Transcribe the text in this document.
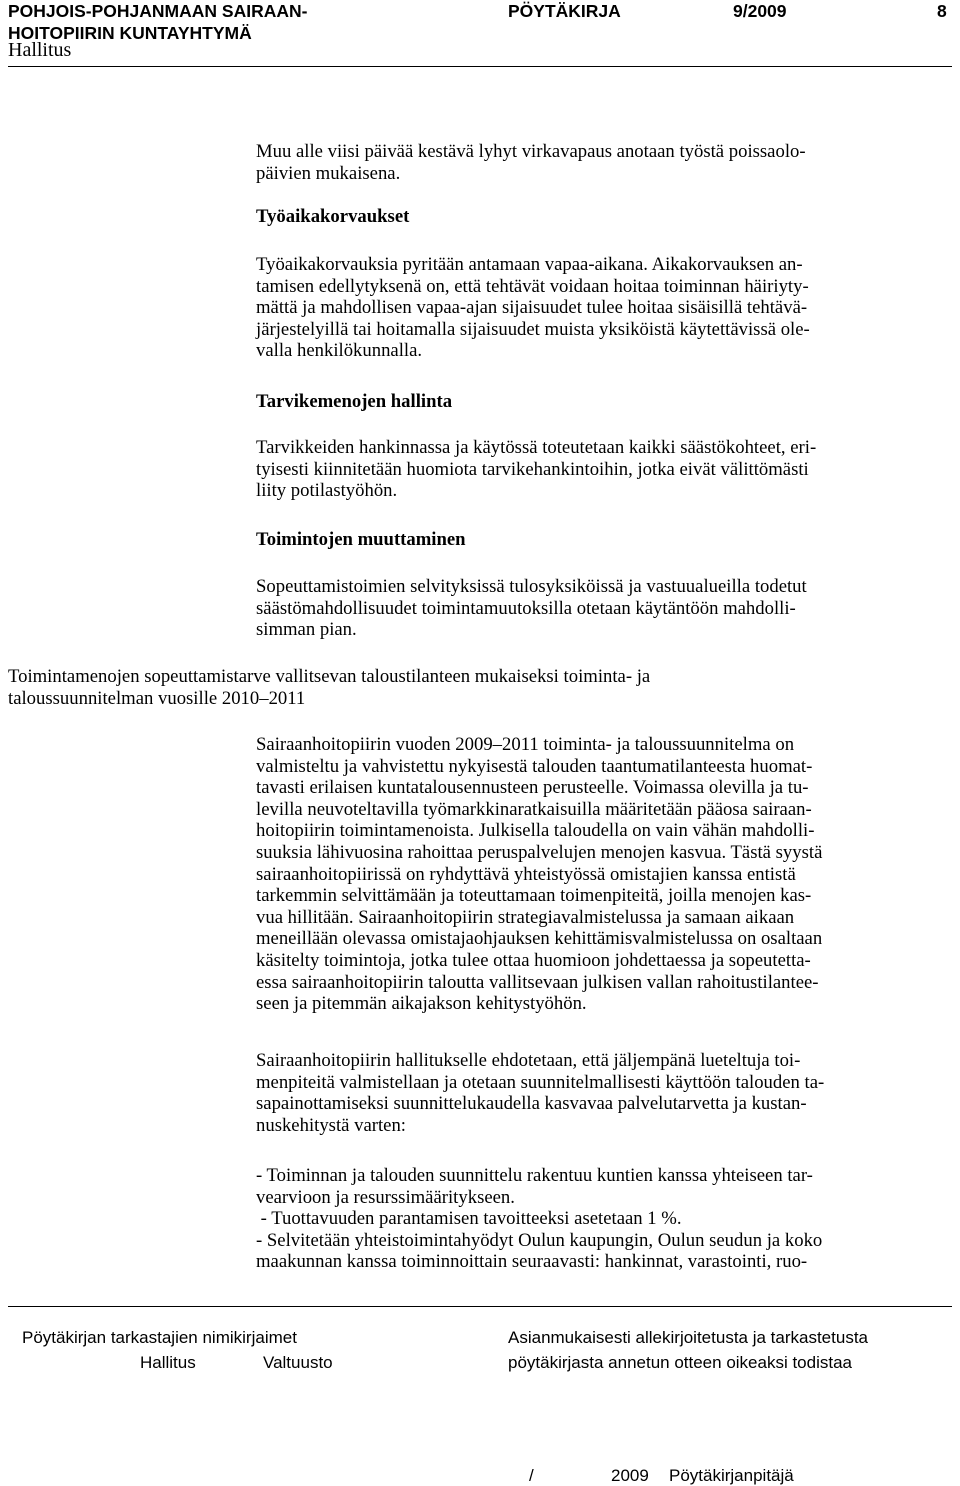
POHJOIS-POHJANMAAN SAIRAAN-
HOITOPIIRIN KUNTAYHTYMÄ
PÖYTÄKIRJA	9/2009	8
Hallitus

Muu alle viisi päivää kestävä lyhyt virkavapaus anotaan työstä poissaolo-

päivien mukaisena.

Työaikakorvaukset

Työaikakorvauksia pyritään antamaan vapaa-aikana. Aikakorvauksen an-

tamisen edellytyksenä on, että tehtävät voidaan hoitaa toiminnan häiriyty-

mättä ja mahdollisen vapaa-ajan sijaisuudet tulee hoitaa sisäisillä tehtävä-

järjestelyillä tai hoitamalla sijaisuudet muista yksiköistä käytettävissä ole-

valla henkilökunnalla.

Tarvikemenojen hallinta

Tarvikkeiden hankinnassa ja käytössä toteutetaan kaikki säästökohteet, eri-

tyisesti kiinnitetään huomiota tarvikehankintoihin, jotka eivät välittömästi

liity potilastyöhön.

Toimintojen muuttaminen

Sopeuttamistoimien selvityksissä tulosyksiköissä ja vastuualueilla todetut

säästömahdollisuudet toimintamuutoksilla otetaan käytäntöön mahdolli-

simman pian.

Toimintamenojen sopeuttamistarve vallitsevan taloustilanteen mukaiseksi toiminta- ja

taloussuunnitelman vuosille 2010–2011

Sairaanhoitopiirin vuoden 2009–2011 toiminta- ja taloussuunnitelma on

valmisteltu ja vahvistettu nykyisestä talouden taantumatilanteesta huomat-

tavasti erilaisen kuntatalousennusteen perusteelle. Voimassa olevilla ja tu-

levilla neuvoteltavilla työmarkkinaratkaisuilla määritetään pääosa sairaan-

hoitopiirin toimintamenoista. Julkisella taloudella on vain vähän mahdolli-

suuksia lähivuosina rahoittaa peruspalvelujen menojen kasvua. Tästä syystä

sairaanhoitopiirissä on ryhdyttävä yhteistyössä omistajien kanssa entistä

tarkemmin selvittämään ja toteuttamaan toimenpiteitä, joilla menojen kas-

vua hillitään. Sairaanhoitopiirin strategiavalmistelussa ja samaan aikaan

meneillään olevassa omistajaohjauksen kehittämisvalmistelussa on osaltaan

käsitelty toimintoja, jotka tulee ottaa huomioon johdettaessa ja sopeutetta-

essa sairaanhoitopiirin taloutta vallitsevaan julkisen vallan rahoitustilantee-

seen ja pitemmän aikajakson kehitystyöhön.

Sairaanhoitopiirin hallitukselle ehdotetaan, että jäljempänä lueteltuja toi-

menpiteitä valmistellaan ja otetaan suunnitelmallisesti käyttöön talouden ta-

sapainottamiseksi suunnittelukaudella kasvavaa palvelutarvetta ja kustan-

nuskehitystä varten:

- Toiminnan ja talouden suunnittelu rakentuu kuntien kanssa yhteiseen tar-

vearvioon ja resurssimääritykseen.

- Tuottavuuden parantamisen tavoitteeksi asetetaan 1 %.

- Selvitetään yhteistoimintahyödyt Oulun kaupungin, Oulun seudun ja koko

maakunnan kanssa toiminnoittain seuraavasti: hankinnat, varastointi, ruo-

Pöytäkirjan tarkastajien nimikirjaimet
Hallitus	Valtuusto
Asianmukaisesti allekirjoitetusta ja tarkastetusta
pöytäkirjasta annetun otteen oikeaksi todistaa
/	2009 Pöytäkirjanpitäjä
